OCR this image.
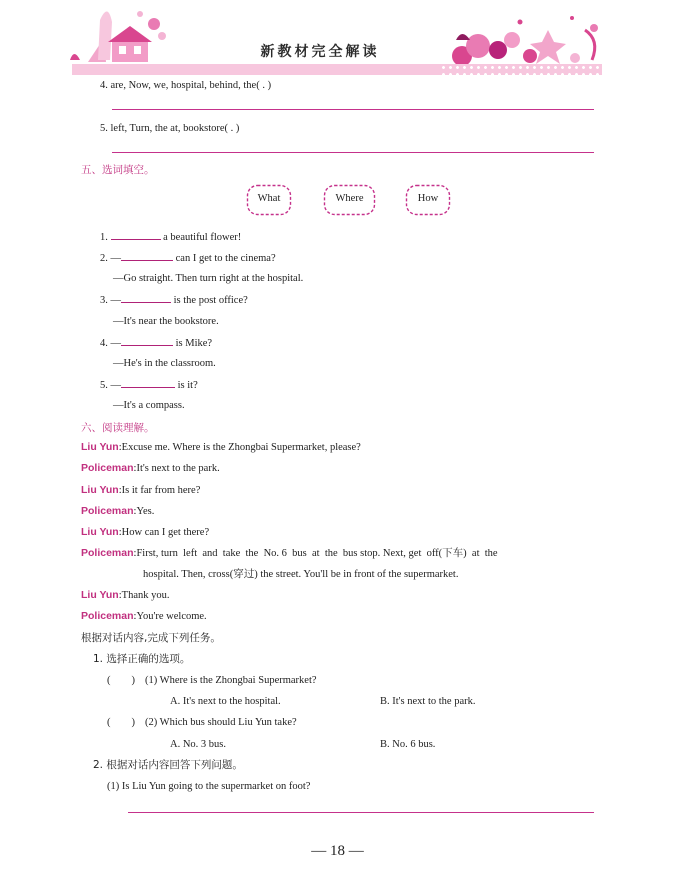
新教材完全解读
4. are, Now, we, hospital, behind, the( . )
5. left, Turn, the at, bookstore( . )
五、选词填空。
What	Where	How
1.	a beautiful flower!
2. —	can I get to the cinema?
—Go straight. Then turn right at the hospital.
3. —	is the post office?
—It's near the bookstore.
4. —	is Mike?
—He's in the classroom.
5. —	is it?
—It's a compass.
六、阅读理解。
Liu Yun:Excuse me. Where is the Zhongbai Supermarket, please?
Policeman:It's next to the park.
Liu Yun:Is it far from here?
Policeman:Yes.
Liu Yun:How can I get there?
Policeman:First, turn  left  and  take  the  No. 6  bus  at  the  bus stop. Next, get  off(下车)  at  the
hospital. Then, cross(穿过) the street. You'll be in front of the supermarket.
Liu Yun:Thank you.
Policeman:You're welcome.
根据对话内容,完成下列任务。
1. 选择正确的选项。
(        ) (1) Where is the Zhongbai Supermarket?
A. It's next to the hospital.	B. It's next to the park.
(        ) (2) Which bus should Liu Yun take?
A. No. 3 bus.	B. No. 6 bus.
2. 根据对话内容回答下列问题。
(1) Is Liu Yun going to the supermarket on foot?
— 18 —
